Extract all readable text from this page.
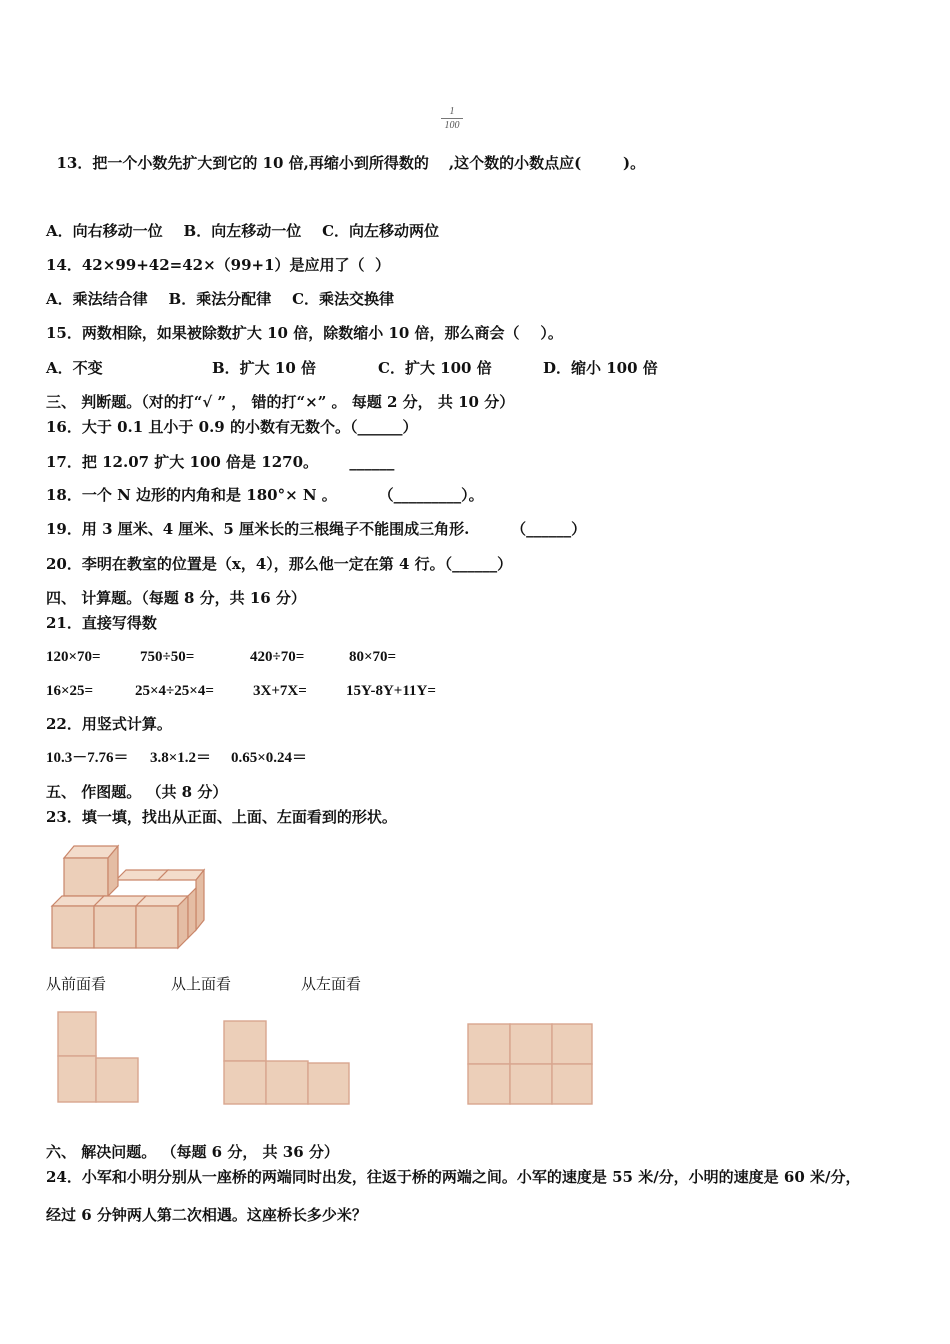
13．把一个小数先扩大到它的 10 倍,再缩小到所得数的 ,这个数的小数点应(        )。

1
100
A．向右移动一位    B．向左移动一位    C．向左移动两位
14．42×99+42=42×（99+1）是应用了（  ）
A．乘法结合律    B．乘法分配律    C．乘法交换律
15．两数相除，如果被除数扩大 10 倍，除数缩小 10 倍，那么商会（    ）。
A．不变	B．扩大 10 倍	C．扩大 100 倍	D．缩小 100 倍
三、 判断题。（对的打“√ ” ， 错的打“×” 。 每题 2 分， 共 10 分）
16．大于 0.1 且小于 0.9 的小数有无数个。（______）
17．把 12.07 扩大 100 倍是 1270。      ______
18．一个 N 边形的内角和是 180°× N 。        （_________）。
19．用 3 厘米、4 厘米、5 厘米长的三根绳子不能围成三角形.        （______）
20．李明在教室的位置是（x，4），那么他一定在第 4 行。（______）
四、 计算题。（每题 8 分，共 16 分）
21．直接写得数
120×70=	750÷50=	420÷70=	80×70=
16×25=	25×4÷25×4=	3X+7X=	15Y-8Y+11Y=
22．用竖式计算。
10.3－7.76＝ 3.8×1.2＝ 0.65×0.24＝
五、 作图题。 （共 8 分）
23．填一填，找出从正面、上面、左面看到的形状。
从前面看	从上面看	从左面看
六、 解决问题。 （每题 6 分， 共 36 分）
24．小军和小明分别从一座桥的两端同时出发，往返于桥的两端之间。小军的速度是 55 米/分，小明的速度是 60 米/分，
经过 6 分钟两人第二次相遇。这座桥长多少米？
